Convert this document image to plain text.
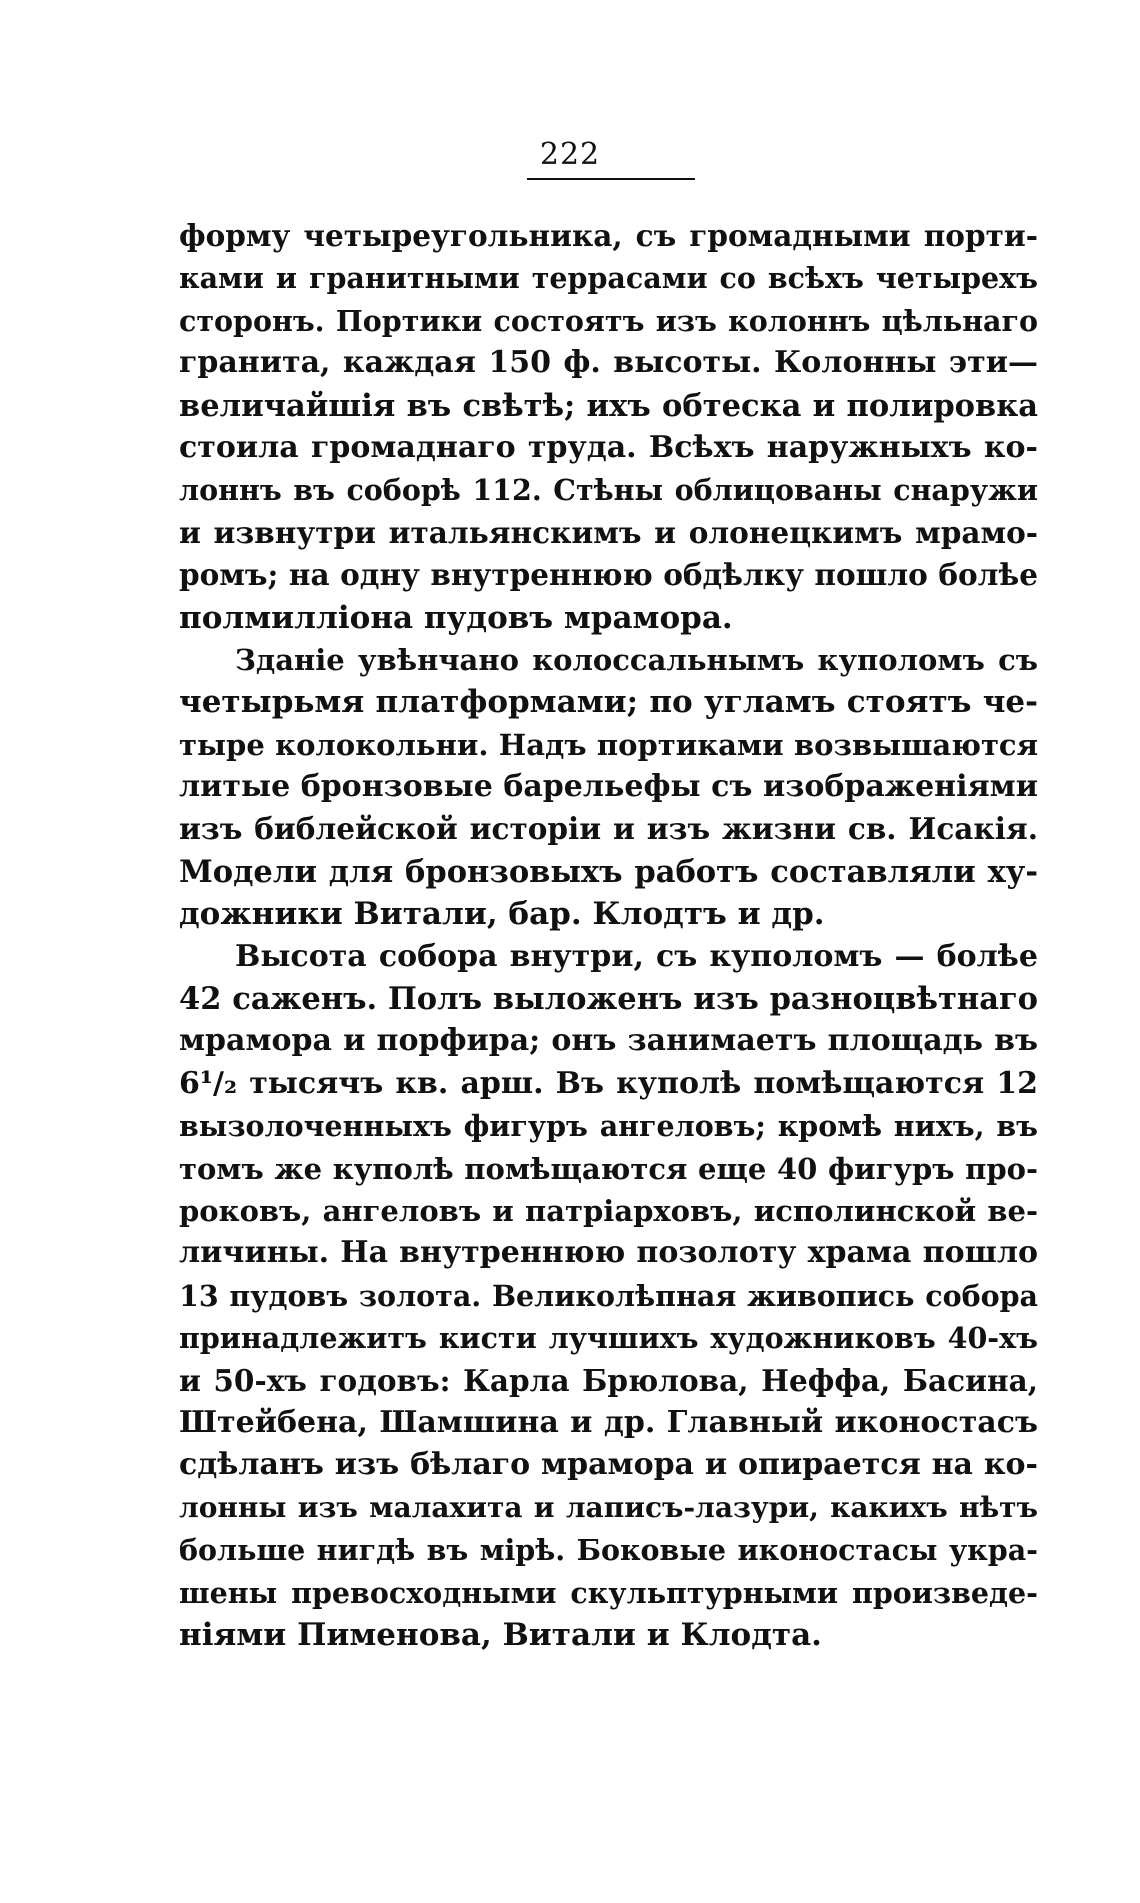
222
форму четыреугольника, съ громадными порти-
ками и гранитными террасами со всѣхъ четырехъ
сторонъ. Портики состоятъ изъ колоннъ цѣльнаго
гранита, каждая 150 ф. высоты. Колонны эти—
величайшія въ свѣтѣ; ихъ обтеска и полировка
стоила громаднаго труда. Всѣхъ наружныхъ ко-
лоннъ въ соборѣ 112. Стѣны облицованы снаружи
и извнутри итальянскимъ и олонецкимъ мрамо-
ромъ; на одну внутреннюю обдѣлку пошло болѣе
полмилліона пудовъ мрамора.
Зданіе увѣнчано колоссальнымъ куполомъ съ
четырьмя платформами; по угламъ стоятъ че-
тыре колокольни. Надъ портиками возвышаются
литые бронзовые барельефы съ изображеніями
изъ библейской исторіи и изъ жизни св. Исакія.
Модели для бронзовыхъ работъ составляли ху-
дожники Витали, бар. Клодтъ и др.
Высота собора внутри, съ куполомъ — болѣе
42 саженъ. Полъ выложенъ изъ разноцвѣтнаго
мрамора и порфира; онъ занимаетъ площадь въ
6¹/₂ тысячъ кв. арш. Въ куполѣ помѣщаются 12
вызолоченныхъ фигуръ ангеловъ; кромѣ нихъ, въ
томъ же куполѣ помѣщаются еще 40 фигуръ про-
роковъ, ангеловъ и патріарховъ, исполинской ве-
личины. На внутреннюю позолоту храма пошло
13 пудовъ золота. Великолѣпная живопись собора
принадлежитъ кисти лучшихъ художниковъ 40-хъ
и 50-хъ годовъ: Карла Брюлова, Неффа, Басина,
Штейбена, Шамшина и др. Главный иконостасъ
сдѣланъ изъ бѣлаго мрамора и опирается на ко-
лонны изъ малахита и лаписъ-лазури, какихъ нѣтъ
больше нигдѣ въ мірѣ. Боковые иконостасы укра-
шены превосходными скульптурными произведе-
ніями Пименова, Витали и Клодта.
